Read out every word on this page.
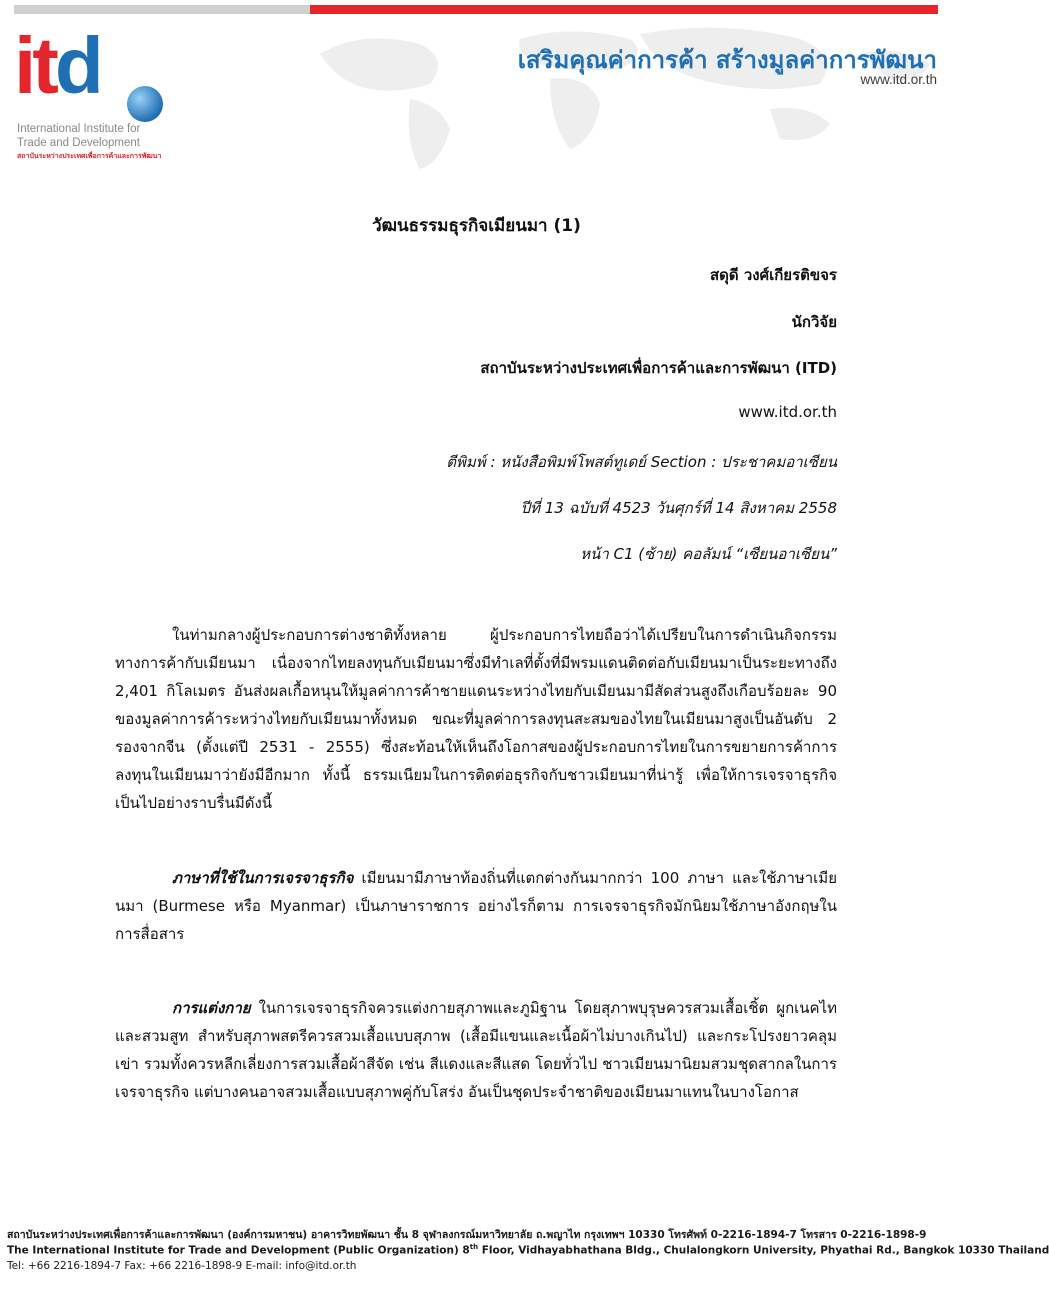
itd
International Institute for
Trade and Development
สถาบันระหว่างประเทศเพื่อการค้าและการพัฒนา
เสริมคุณค่าการค้า สร้างมูลค่าการพัฒนา
www.itd.or.th
วัฒนธรรมธุรกิจเมียนมา (1)
สดุดี วงศ์เกียรติขจร
นักวิจัย
สถาบันระหว่างประเทศเพื่อการค้าและการพัฒนา (ITD)
www.itd.or.th
ตีพิมพ์ : หนังสือพิมพ์โพสต์ทูเดย์ Section : ประชาคมอาเซียน
ปีที่ 13 ฉบับที่ 4523 วันศุกร์ที่ 14 สิงหาคม 2558
หน้า C1 (ซ้าย) คอลัมน์ “เซียนอาเซียน”

ในท่ามกลางผู้ประกอบการต่างชาติทั้งหลาย ผู้ประกอบการไทยถือว่าได้เปรียบในการดำเนินกิจกรรมทางการค้ากับเมียนมา เนื่องจากไทยลงทุนกับเมียนมาซึ่งมีทำเลที่ตั้งที่มีพรมแดนติดต่อกับเมียนมาเป็นระยะทางถึง 2,401 กิโลเมตร อันส่งผลเกื้อหนุนให้มูลค่าการค้าชายแดนระหว่างไทยกับเมียนมามีสัดส่วนสูงถึงเกือบร้อยละ 90 ของมูลค่าการค้าระหว่างไทยกับเมียนมาทั้งหมด ขณะที่มูลค่าการลงทุนสะสมของไทยในเมียนมาสูงเป็นอันดับ 2 รองจากจีน (ตั้งแต่ปี 2531 - 2555) ซึ่งสะท้อนให้เห็นถึงโอกาสของผู้ประกอบการไทยในการขยายการค้าการลงทุนในเมียนมาว่ายังมีอีกมาก ทั้งนี้ ธรรมเนียมในการติดต่อธุรกิจกับชาวเมียนมาที่น่ารู้ เพื่อให้การเจรจาธุรกิจเป็นไปอย่างราบรื่นมีดังนี้

ภาษาที่ใช้ในการเจรจาธุรกิจ เมียนมามีภาษาท้องถิ่นที่แตกต่างกันมากกว่า 100 ภาษา และใช้ภาษาเมียนมา (Burmese หรือ Myanmar) เป็นภาษาราชการ อย่างไรก็ตาม การเจรจาธุรกิจมักนิยมใช้ภาษาอังกฤษในการสื่อสาร

การแต่งกาย ในการเจรจาธุรกิจควรแต่งกายสุภาพและภูมิฐาน โดยสุภาพบุรุษควรสวมเสื้อเชิ้ต ผูกเนคไท และสวมสูท สำหรับสุภาพสตรีควรสวมเสื้อแบบสุภาพ (เสื้อมีแขนและเนื้อผ้าไม่บางเกินไป) และกระโปรงยาวคลุมเข่า รวมทั้งควรหลีกเลี่ยงการสวมเสื้อผ้าสีจัด เช่น สีแดงและสีแสด โดยทั่วไป ชาวเมียนมานิยมสวมชุดสากลในการเจรจาธุรกิจ แต่บางคนอาจสวมเสื้อแบบสุภาพคู่กับโสร่ง อันเป็นชุดประจำชาติของเมียนมาแทนในบางโอกาส

สถาบันระหว่างประเทศเพื่อการค้าและการพัฒนา (องค์การมหาชน) อาคารวิทยพัฒนา ชั้น 8 จุฬาลงกรณ์มหาวิทยาลัย ถ.พญาไท กรุงเทพฯ 10330 โทรศัพท์ 0-2216-1894-7 โทรสาร 0-2216-1898-9
The International Institute for Trade and Development (Public Organization) 8th Floor, Vidhayabhathana Bldg., Chulalongkorn University, Phyathai Rd., Bangkok 10330 Thailand
Tel: +66 2216-1894-7 Fax: +66 2216-1898-9 E-mail: info@itd.or.th
